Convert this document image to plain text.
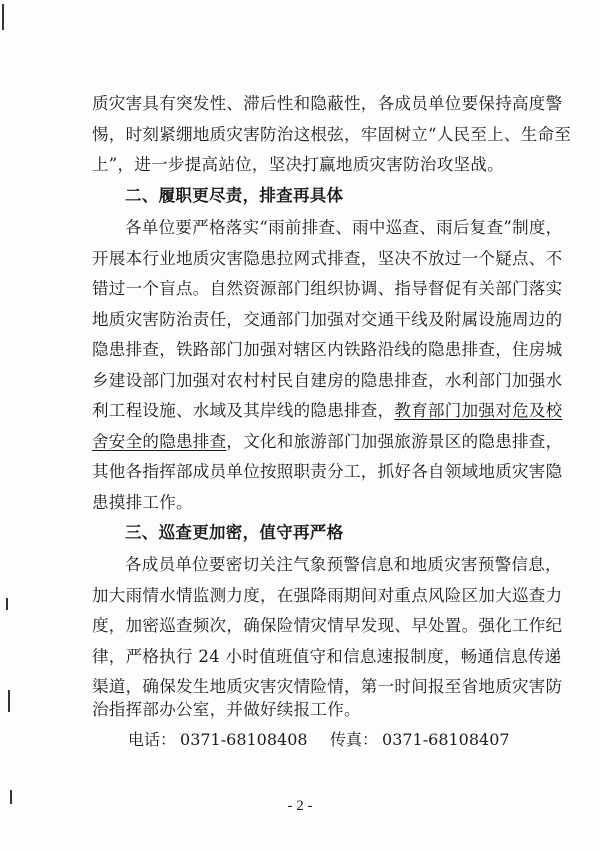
质灾害具有突发性、滞后性和隐蔽性，各成员单位要保持高度警
惕，时刻紧绷地质灾害防治这根弦，牢固树立“人民至上、生命至
上”，进一步提高站位，坚决打赢地质灾害防治攻坚战。
二、履职更尽责，排查再具体
各单位要严格落实“雨前排查、雨中巡查、雨后复查”制度，
开展本行业地质灾害隐患拉网式排查，坚决不放过一个疑点、不
错过一个盲点。自然资源部门组织协调、指导督促有关部门落实
地质灾害防治责任，交通部门加强对交通干线及附属设施周边的
隐患排查，铁路部门加强对辖区内铁路沿线的隐患排查，住房城
乡建设部门加强对农村村民自建房的隐患排查，水利部门加强水
利工程设施、水域及其岸线的隐患排查，教育部门加强对危及校
舍安全的隐患排查，文化和旅游部门加强旅游景区的隐患排查，
其他各指挥部成员单位按照职责分工，抓好各自领域地质灾害隐
患摸排工作。
三、巡查更加密，值守再严格
各成员单位要密切关注气象预警信息和地质灾害预警信息，
加大雨情水情监测力度，在强降雨期间对重点风险区加大巡查力
度，加密巡查频次，确保险情灾情早发现、早处置。强化工作纪
律，严格执行 24 小时值班值守和信息速报制度，畅通信息传递
渠道，确保发生地质灾害灾情险情，第一时间报至省地质灾害防
电话： 0371-68108408 传真： 0371-68108407
- 2 -
治指挥部办公室，并做好续报工作。
